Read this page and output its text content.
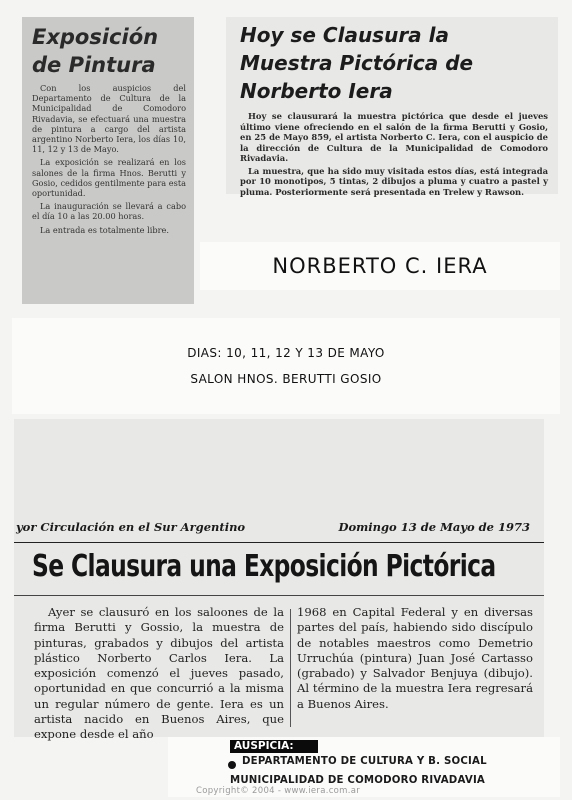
Exposición de Pintura

Con los auspicios del Departamento de Cultura de la Municipalidad de Comodoro Rivadavia, se efectuará una muestra de pintura a cargo del artista argentino Norberto Iera, los días 10, 11, 12 y 13 de Mayo.

La exposición se realizará en los salones de la firma Hnos. Berutti y Gosio, cedidos gentilmente para esta oportunidad.

La inauguración se llevará a cabo el día 10 a las 20.00 horas.

La entrada es totalmente libre.

Hoy se Clausura la Muestra Pictórica de Norberto Iera

Hoy se clausurará la muestra pictórica que desde el jueves último viene ofreciendo en el salón de la firma Berutti y Gosio, en 25 de Mayo 859, el artista Norberto C. Iera, con el auspicio de la dirección de Cultura de la Municipalidad de Comodoro Rivadavia.

La muestra, que ha sido muy visitada estos días, está integrada por 10 monotipos, 5 tintas, 2 dibujos a pluma y cuatro a pastel y pluma. Posteriormente será presentada en Trelew y Rawson.

NORBERTO C. IERA
DIAS: 10, 11, 12 Y 13 DE MAYO
SALON HNOS. BERUTTI GOSIO
yor Circulación en el Sur Argentino	Domingo 13 de Mayo de 1973
Se Clausura una Exposición Pictórica
Ayer se clausuró en los saloones de la firma Berutti y Gossio, la muestra de pinturas, grabados y dibujos del artista plástico Norberto Carlos Iera. La exposición comenzó el jueves pasado, oportunidad en que concurrió a la misma un regular número de gente. Iera es un artista nacido en Buenos Aires, que expone desde el año
1968 en Capital Federal y en diversas partes del país, habiendo sido discípulo de notables maestros como Demetrio Urruchúa (pintura) Juan José Cartasso (grabado) y Salvador Benjuya (dibujo). Al término de la muestra Iera regresará a Buenos Aires.
AUSPICIA:
DEPARTAMENTO DE CULTURA Y B. SOCIAL
MUNICIPALIDAD DE COMODORO RIVADAVIA
Copyright© 2004 - www.iera.com.ar
